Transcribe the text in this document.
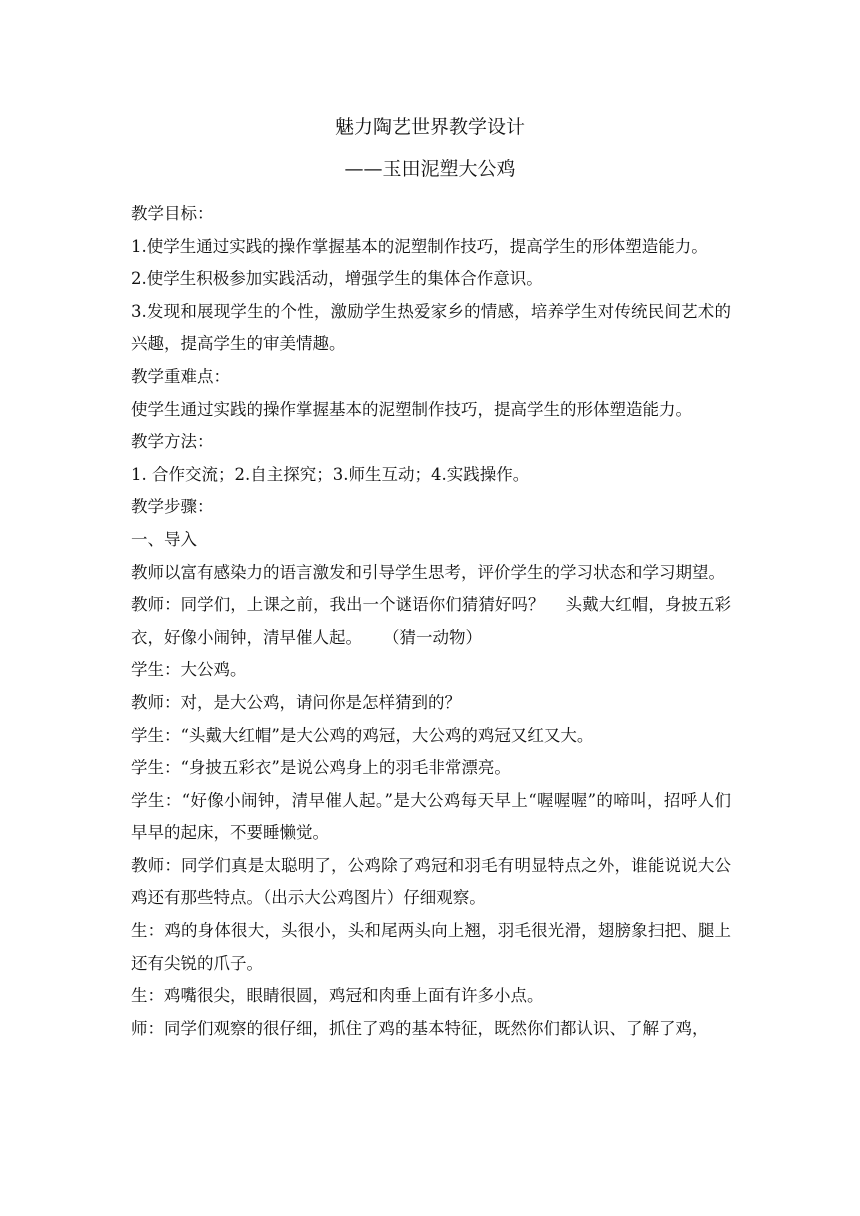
魅力陶艺世界教学设计
——玉田泥塑大公鸡

教学目标：

1.使学生通过实践的操作掌握基本的泥塑制作技巧，提高学生的形体塑造能力。

2.使学生积极参加实践活动，增强学生的集体合作意识。

3.发现和展现学生的个性，激励学生热爱家乡的情感，培养学生对传统民间艺术的兴趣，提高学生的审美情趣。

教学重难点：

使学生通过实践的操作掌握基本的泥塑制作技巧，提高学生的形体塑造能力。

教学方法：

1. 合作交流；2.自主探究；3.师生互动；4.实践操作。

教学步骤：

一、导入

教师以富有感染力的语言激发和引导学生思考，评价学生的学习状态和学习期望。

教师：同学们，上课之前，我出一个谜语你们猜猜好吗？    头戴大红帽，身披五彩衣，好像小闹钟，清早催人起。    （猜一动物）

学生：大公鸡。

教师：对，是大公鸡，请问你是怎样猜到的？

学生：“头戴大红帽”是大公鸡的鸡冠，大公鸡的鸡冠又红又大。

学生：“身披五彩衣”是说公鸡身上的羽毛非常漂亮。

学生：“好像小闹钟，清早催人起。”是大公鸡每天早上“喔喔喔”的啼叫，招呼人们早早的起床，不要睡懒觉。

教师：同学们真是太聪明了，公鸡除了鸡冠和羽毛有明显特点之外，谁能说说大公鸡还有那些特点。（出示大公鸡图片）仔细观察。

生：鸡的身体很大，头很小，头和尾两头向上翘，羽毛很光滑，翅膀象扫把、腿上还有尖锐的爪子。

生：鸡嘴很尖，眼睛很圆，鸡冠和肉垂上面有许多小点。

师：同学们观察的很仔细，抓住了鸡的基本特征，既然你们都认识、了解了鸡，
